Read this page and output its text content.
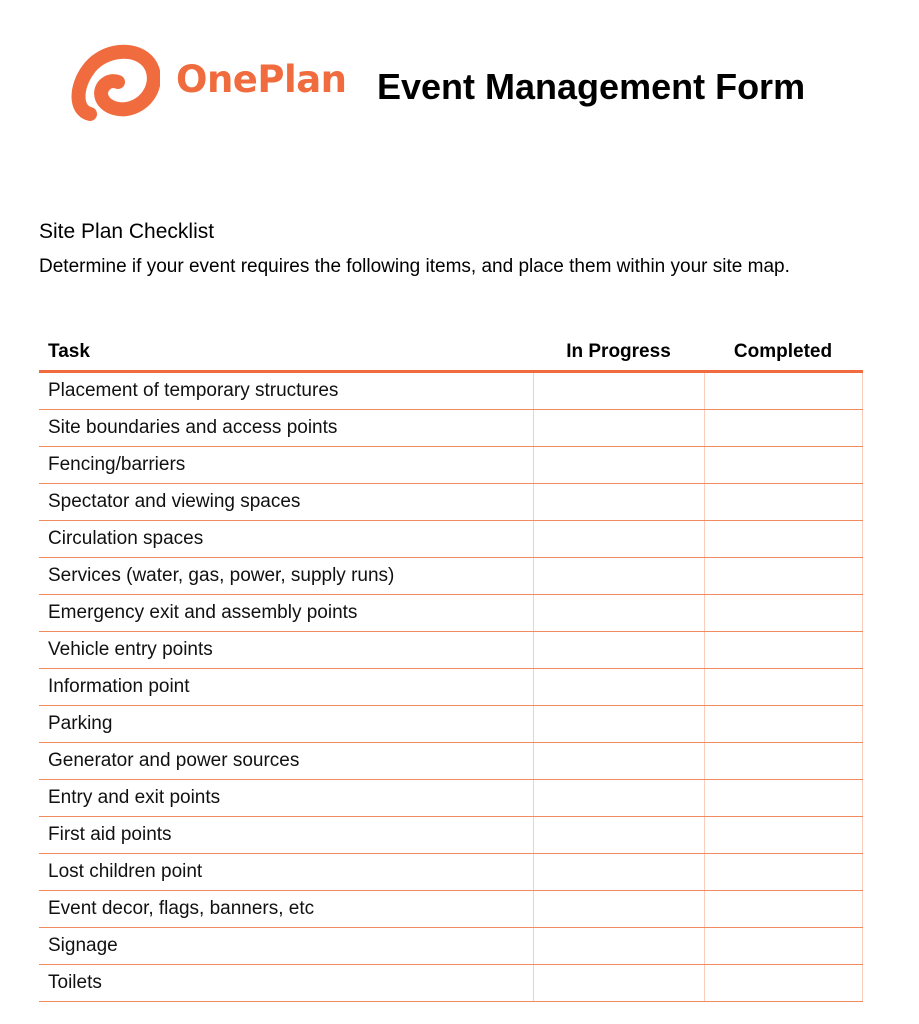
OnePlan Event Management Form
Site Plan Checklist
Determine if your event requires the following items, and place them within your site map.
Task	In Progress	Completed
Placement of temporary structures		
Site boundaries and access points		
Fencing/barriers		
Spectator and viewing spaces		
Circulation spaces		
Services (water, gas, power, supply runs)		
Emergency exit and assembly points		
Vehicle entry points		
Information point		
Parking		
Generator and power sources		
Entry and exit points		
First aid points		
Lost children point		
Event decor, flags, banners, etc		
Signage		
Toilets		
